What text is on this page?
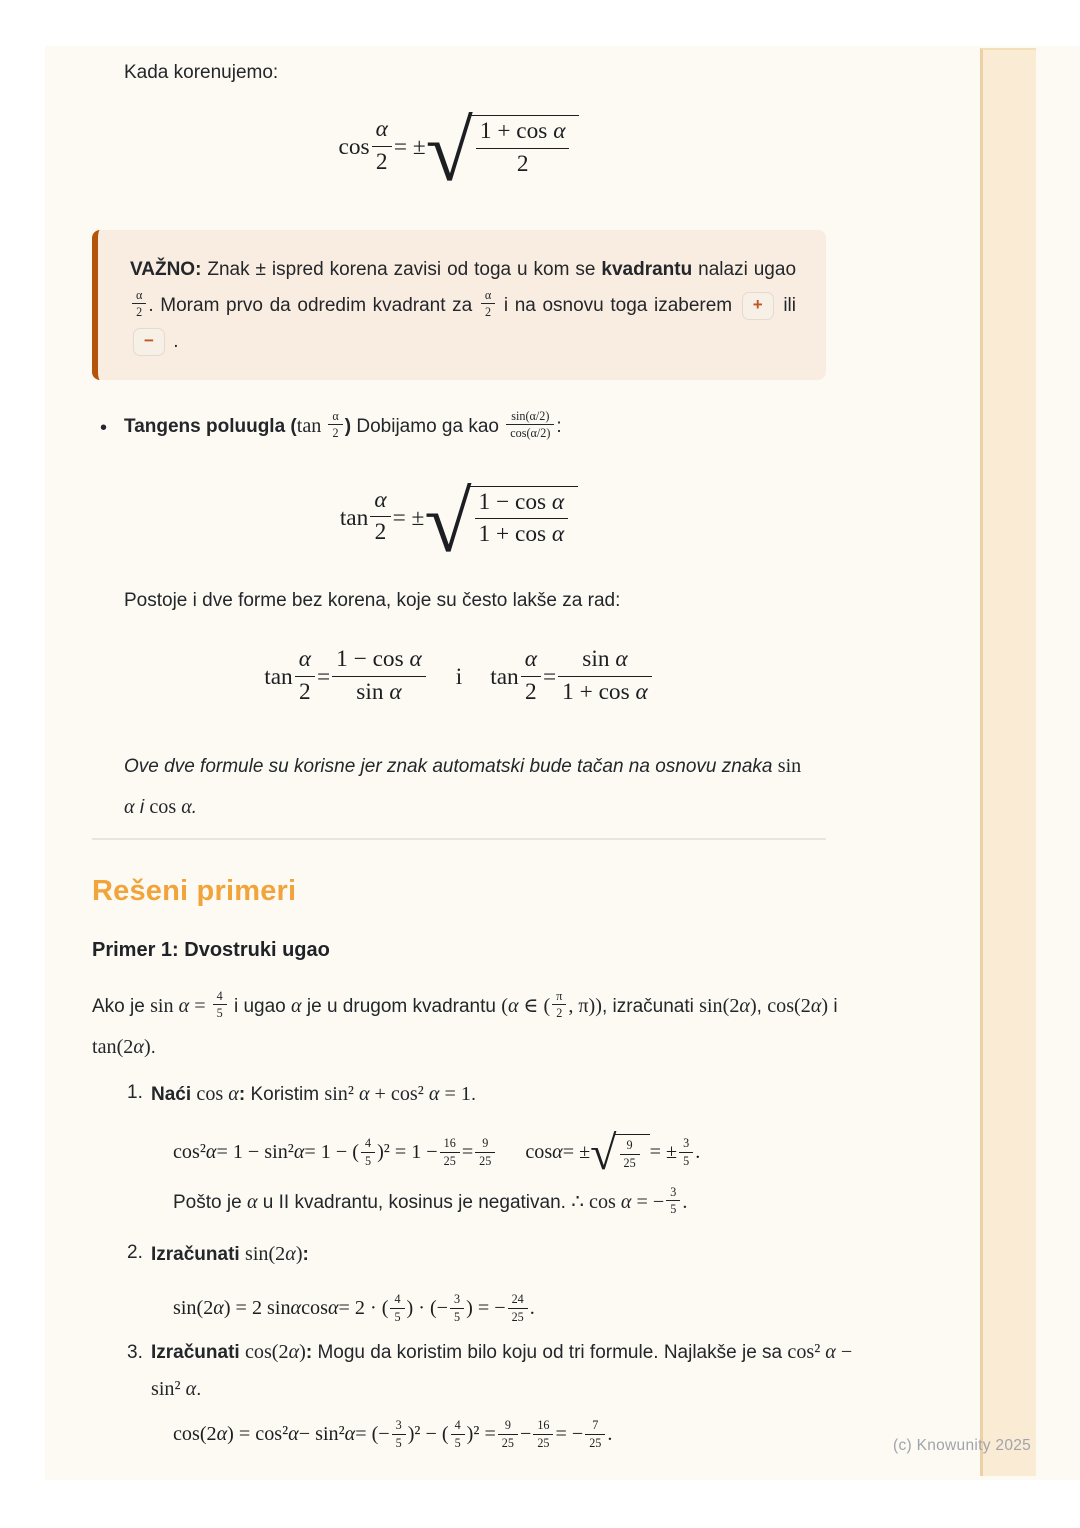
Kada korenujemo:
$\cos \frac{\alpha}{2}$ = ± √ $\frac{\text{1 + cos α}}{2}$
VAŽNO: Znak ± ispred korena zavisi od toga u kom se kvadrantu nalazi ugao
$\frac{\alpha}{2}$ . Moram prvo da odredim kvadrant za $\frac{\alpha}{2}$ i na osnovu toga izaberem + ili − .
• Tangens poluugla ($\tan \frac{\alpha}{2}$ ) Dobijamo ga kao $\frac{\sin(\alpha/2)}{\cos(\alpha/2)}$ :
$\tan \frac{\alpha}{2}$ = ± √ $\frac{\text{1 − cos α}}{\text{1 + cos α}}$
Postoje i dve forme bez korena, koje su često lakše za rad:
$\tan \frac{\alpha}{2} = \frac{\text{1 − cos α}}{\text{sin α}}$ i $\tan \frac{\alpha}{2} = \frac{\text{sin α}}{\text{1 + cos α}}$
Ove dve formule su korisne jer znak automatski bude tačan na osnovu znaka sin α i cos α.
Rešeni primeri
Primer 1: Dvostruki ugao
Ako je $\sin \alpha = \frac{4}{5}$ i ugao α je u drugom kvadrantu (α ∈ ( $\frac{\pi}{2}$ , π)), izračunati sin(2α), cos(2α) i tan(2α).
1. Naći cos α: Koristim sin² α + cos² α = 1.
cos² α = 1 − sin² α = 1 − ( $\frac{4}{5} )^2 = 1 - \frac{16}{25} = \frac{9}{25}$ cos α = ± √ $\frac{9}{25}$ = ± $\frac{3}{5}$ .
Pošto je α u II kvadrantu, kosinus je negativan. ∴ cos α = − $\frac{3}{5}$ .
2. Izračunati sin(2α):
sin(2 α ) = 2 sin α cos α = 2 · ( $\frac{4}{5}$ ) · (− $\frac{3}{5}$ ) = − $\frac{24}{25}$ .
3. Izračunati cos(2α): Mogu da koristim bilo koju od tri formule. Najlakše je sa cos² α − sin² α.
cos(2 α ) = cos² α − sin² α = (− $\frac{3}{5} )^2$ − ( $\frac{4}{5} )^2 = \frac{9}{25} - \frac{16}{25}$ = − $\frac{7}{25}$ .
(c) Knowunity 2025
